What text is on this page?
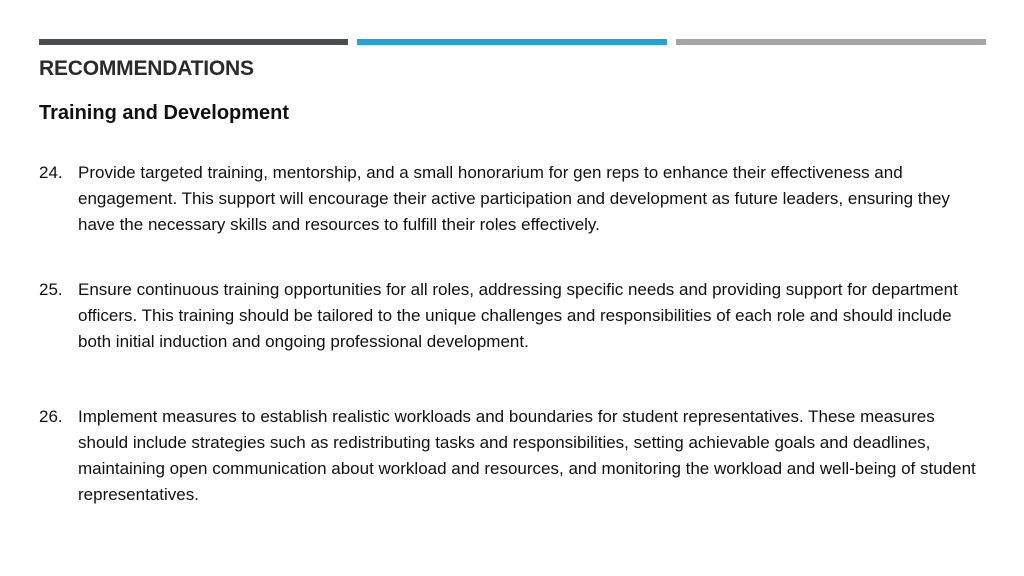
RECOMMENDATIONS
Training and Development
24. Provide targeted training, mentorship, and a small honorarium for gen reps to enhance their effectiveness and engagement. This support will encourage their active participation and development as future leaders, ensuring they have the necessary skills and resources to fulfill their roles effectively.

25. Ensure continuous training opportunities for all roles, addressing specific needs and providing support for department officers. This training should be tailored to the unique challenges and responsibilities of each role and should include both initial induction and ongoing professional development.

26. Implement measures to establish realistic workloads and boundaries for student representatives. These measures should include strategies such as redistributing tasks and responsibilities, setting achievable goals and deadlines, maintaining open communication about workload and resources, and monitoring the workload and well-being of student representatives.
